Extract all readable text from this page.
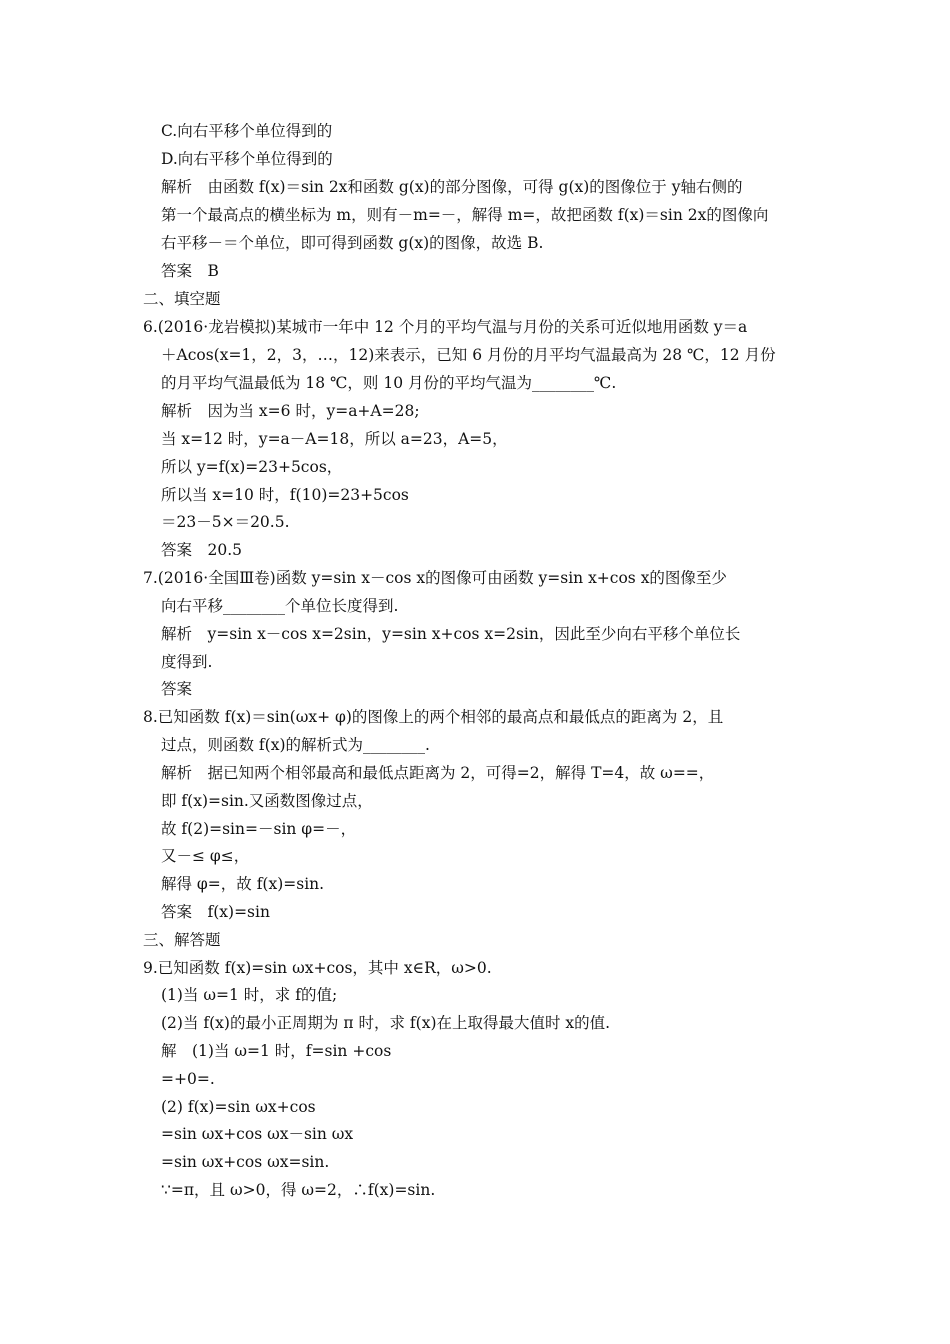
C.向右平移个单位得到的
D.向右平移个单位得到的
解析　由函数 f(x)＝sin 2x和函数 g(x)的部分图像，可得 g(x)的图像位于 y轴右侧的
第一个最高点的横坐标为 m，则有－m=－，解得 m=，故把函数 f(x)＝sin 2x的图像向
右平移－＝个单位，即可得到函数 g(x)的图像，故选 B.
答案　B
二、填空题
6.(2016·龙岩模拟)某城市一年中 12 个月的平均气温与月份的关系可近似地用函数 y＝a
＋Acos(x=1，2，3，…，12)来表示，已知 6 月份的月平均气温最高为 28 ℃，12 月份
的月平均气温最低为 18 ℃，则 10 月份的平均气温为________℃.
解析　因为当 x=6 时，y=a+A=28;
当 x=12 时，y=a－A=18，所以 a=23，A=5，
所以 y=f(x)=23+5cos，
所以当 x=10 时，f(10)=23+5cos
＝23－5×＝20.5.
答案　20.5
7.(2016·全国Ⅲ卷)函数 y=sin x－cos x的图像可由函数 y=sin x+cos x的图像至少
向右平移________个单位长度得到.
解析　y=sin x－cos x=2sin，y=sin x+cos x=2sin，因此至少向右平移个单位长
度得到.
答案
8.已知函数 f(x)＝sin(ωx+ φ)的图像上的两个相邻的最高点和最低点的距离为 2，且
过点，则函数 f(x)的解析式为________.
解析　据已知两个相邻最高和最低点距离为 2，可得=2，解得 T=4，故 ω==，
即 f(x)=sin.又函数图像过点，
故 f(2)=sin=－sin φ=－，
又－≤ φ≤，
解得 φ=，故 f(x)=sin.
答案　f(x)=sin
三、解答题
9.已知函数 f(x)=sin ωx+cos，其中 x∈R，ω>0.
(1)当 ω=1 时，求 f的值;
(2)当 f(x)的最小正周期为 π 时，求 f(x)在上取得最大值时 x的值.
解　(1)当 ω=1 时，f=sin +cos
=+0=.
(2) f(x)=sin ωx+cos
=sin ωx+cos ωx－sin ωx
=sin ωx+cos ωx=sin.
∵=π，且 ω>0，得 ω=2，∴f(x)=sin.
